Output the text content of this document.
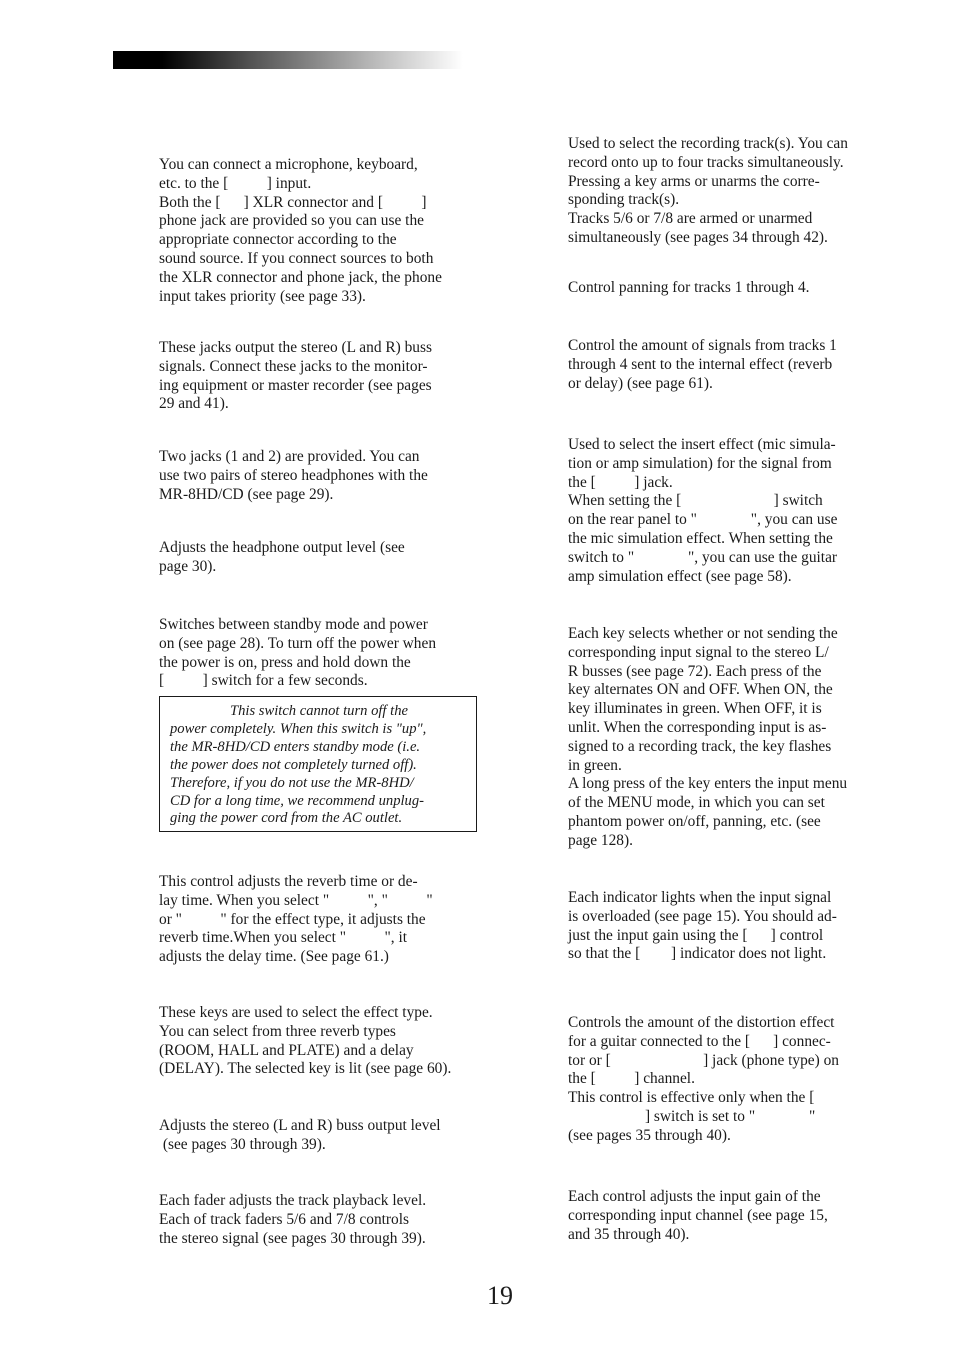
You can connect a microphone, keyboard,

etc. to the [          ] input.

Both the [      ] XLR connector and [          ]

phone jack are provided so you can use the

appropriate connector according to the

sound source. If you connect sources to both

the XLR connector and phone jack, the phone

input takes priority (see page 33).

These jacks output the stereo (L and R) buss

signals. Connect these jacks to the monitor-

ing equipment or master recorder (see pages

29 and 41).

Two jacks (1 and 2) are provided. You can

use two pairs of stereo headphones with the

MR-8HD/CD (see page 29).

Adjusts the headphone output level (see

page 30).

Switches between standby mode and power

on (see page 28). To turn off the power when

the power is on, press and hold down the

[          ] switch for a few seconds.

This control adjusts the reverb time or de-

lay time. When you select "          ", "          "

or "          " for the effect type, it adjusts the

reverb time.When you select "          ", it

adjusts the delay time. (See page 61.)

These keys are used to select the effect type.

You can select from three reverb types

(ROOM, HALL and PLATE) and a delay

(DELAY). The selected key is lit (see page 60).

Adjusts the stereo (L and R) buss output level

(see pages 30 through 39).

Each fader adjusts the track playback level.

Each of track faders 5/6 and 7/8 controls

the stereo signal (see pages 30 through 39).

This switch cannot turn off the
power completely. When this switch is "up",
the MR-8HD/CD enters standby mode (i.e.
the power does not completely turned off).
Therefore, if you do not use the MR-8HD/
CD for a long time, we recommend unplug-
ging the power cord from the AC outlet.

Used to select the recording track(s). You can

record onto up to four tracks simultaneously.

Pressing a key arms or unarms the corre-

sponding track(s).

Tracks 5/6 or 7/8 are armed or unarmed

simultaneously (see pages 34 through 42).

Control panning for tracks 1 through 4.

Control the amount of signals from tracks 1

through 4 sent to the internal effect (reverb

or delay) (see page 61).

Used to select the insert effect (mic simula-

tion or amp simulation) for the signal from

the [          ] jack.

When setting the [                        ] switch

on the rear panel to "              ", you can use

the mic simulation effect. When setting the

switch to "              ", you can use the guitar

amp simulation effect (see page 58).

Each key selects whether or not sending the

corresponding input signal to the stereo L/

R busses (see page 72). Each press of the

key alternates ON and OFF. When ON, the

key illuminates in green. When OFF, it is

unlit. When the corresponding input is as-

signed to a recording track, the key flashes

in green.

A long press of the key enters the input menu

of the MENU mode, in which you can set

phantom power on/off, panning, etc. (see

page 128).

Each indicator lights when the input signal

is overloaded (see page 15). You should ad-

just the input gain using the [      ] control

so that the [        ] indicator does not light.

Controls the amount of the distortion effect

for a guitar connected to the [      ] connec-

tor or [                        ] jack (phone type) on

the [          ] channel.

This control is effective only when the [

] switch is set to "              "

(see pages 35 through 40).

Each control adjusts the input gain of the

corresponding input channel (see page 15,

and 35 through 40).

19
